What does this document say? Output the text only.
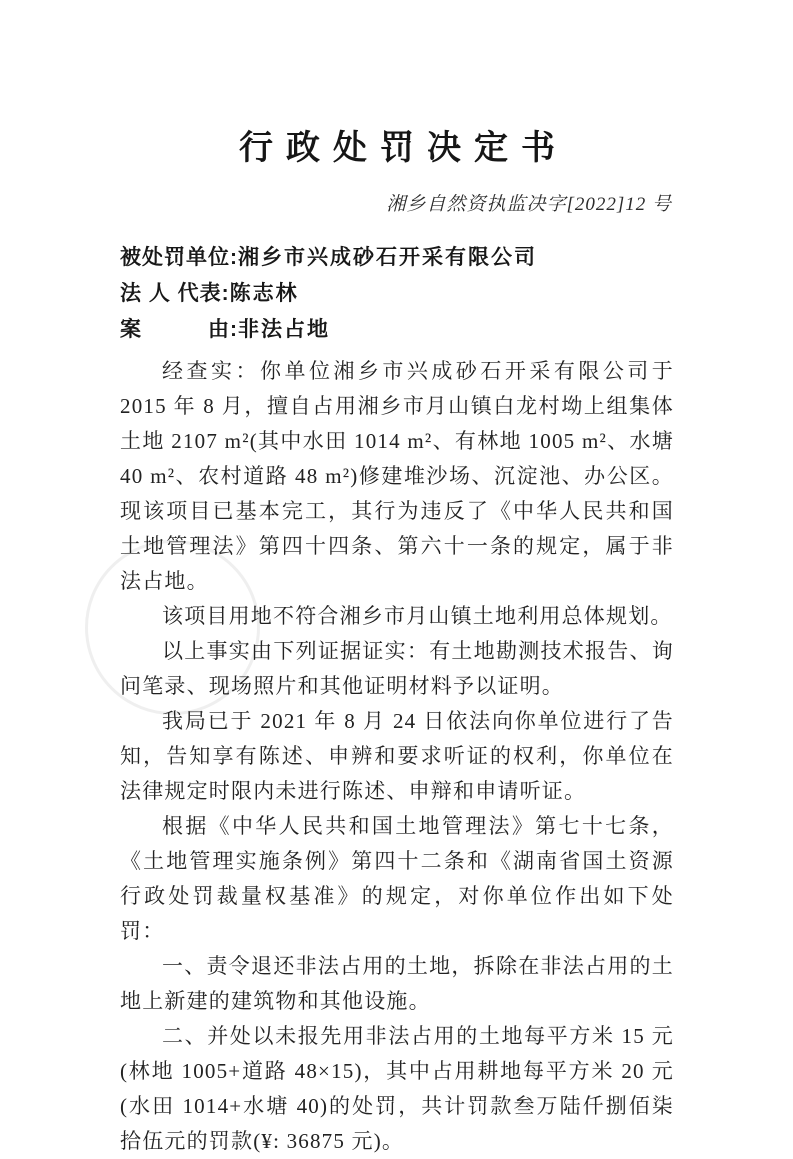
行政处罚决定书
湘乡自然资执监决字[2022]12 号
被处罚单位:湘乡市兴成砂石开采有限公司
法 人 代表:陈志林
案　　　由:非法占地

经查实：你单位湘乡市兴成砂石开采有限公司于 2015 年 8 月，擅自占用湘乡市月山镇白龙村坳上组集体土地 2107 m²(其中水田 1014 m²、有林地 1005 m²、水塘 40 m²、农村道路 48 m²)修建堆沙场、沉淀池、办公区。现该项目已基本完工，其行为违反了《中华人民共和国土地管理法》第四十四条、第六十一条的规定，属于非法占地。

该项目用地不符合湘乡市月山镇土地利用总体规划。

以上事实由下列证据证实：有土地勘测技术报告、询问笔录、现场照片和其他证明材料予以证明。

我局已于 2021 年 8 月 24 日依法向你单位进行了告知，告知享有陈述、申辨和要求听证的权利，你单位在法律规定时限内未进行陈述、申辩和申请听证。

根据《中华人民共和国土地管理法》第七十七条，《土地管理实施条例》第四十二条和《湖南省国土资源行政处罚裁量权基准》的规定，对你单位作出如下处罚：

一、责令退还非法占用的土地，拆除在非法占用的土地上新建的建筑物和其他设施。

二、并处以未报先用非法占用的土地每平方米 15 元(林地 1005+道路 48×15)，其中占用耕地每平方米 20 元(水田 1014+水塘 40)的处罚，共计罚款叁万陆仟捌佰柒拾伍元的罚款(¥: 36875 元)。
